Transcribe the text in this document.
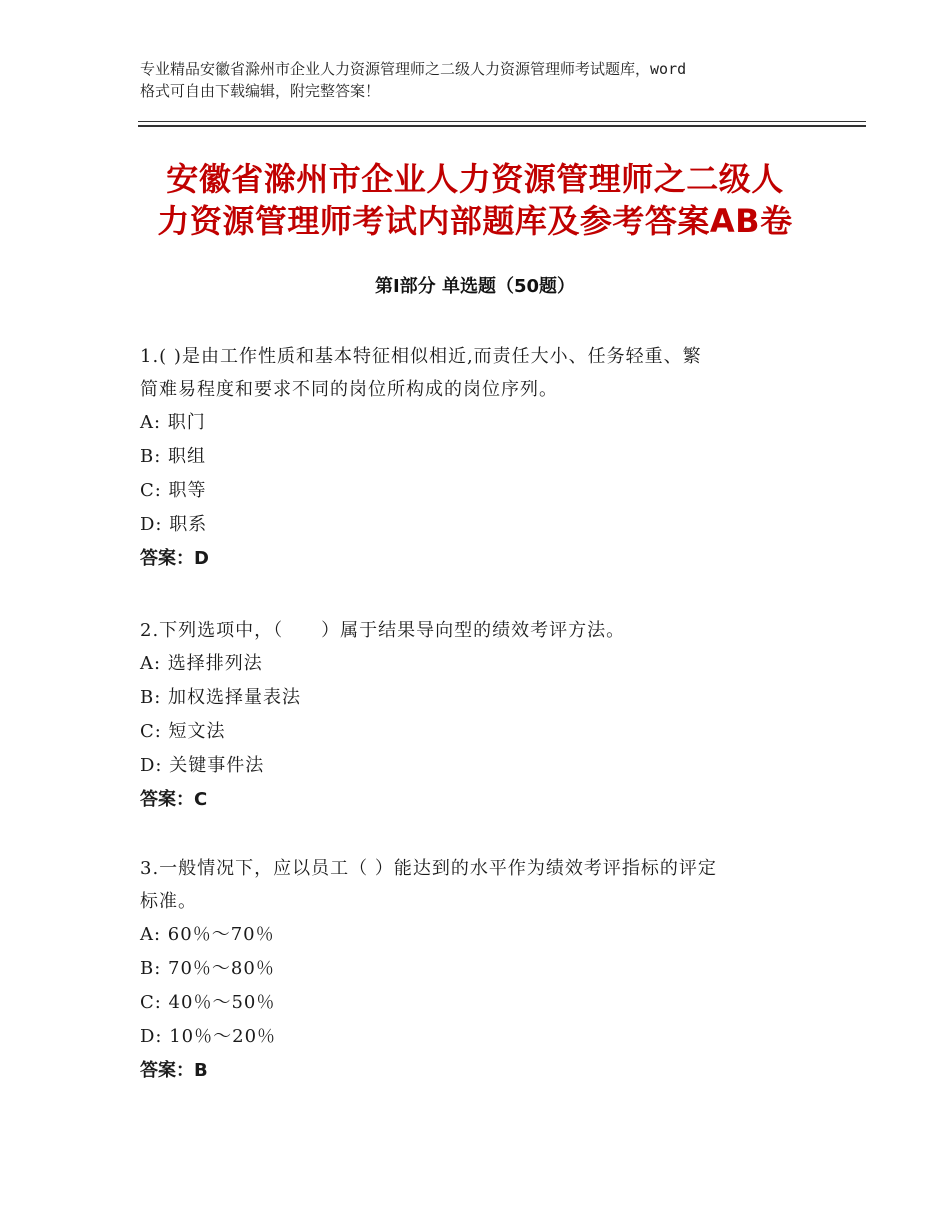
专业精品安徽省滁州市企业人力资源管理师之二级人力资源管理师考试题库，word
格式可自由下载编辑，附完整答案！
安徽省滁州市企业人力资源管理师之二级人
力资源管理师考试内部题库及参考答案AB卷
第Ⅰ部分 单选题（50题）
1.( )是由工作性质和基本特征相似相近,而责任大小、任务轻重、繁
简难易程度和要求不同的岗位所构成的岗位序列。
A: 职门
B: 职组
C: 职等
D: 职系
答案：D
2.下列选项中，（　　）属于结果导向型的绩效考评方法。
A: 选择排列法
B: 加权选择量表法
C: 短文法
D: 关键事件法
答案：C
3.一般情况下，应以员工（ ）能达到的水平作为绩效考评指标的评定
标准。
A: 60％～70％
B: 70％～80％
C: 40％～50％
D: 10％～20％
答案：B
